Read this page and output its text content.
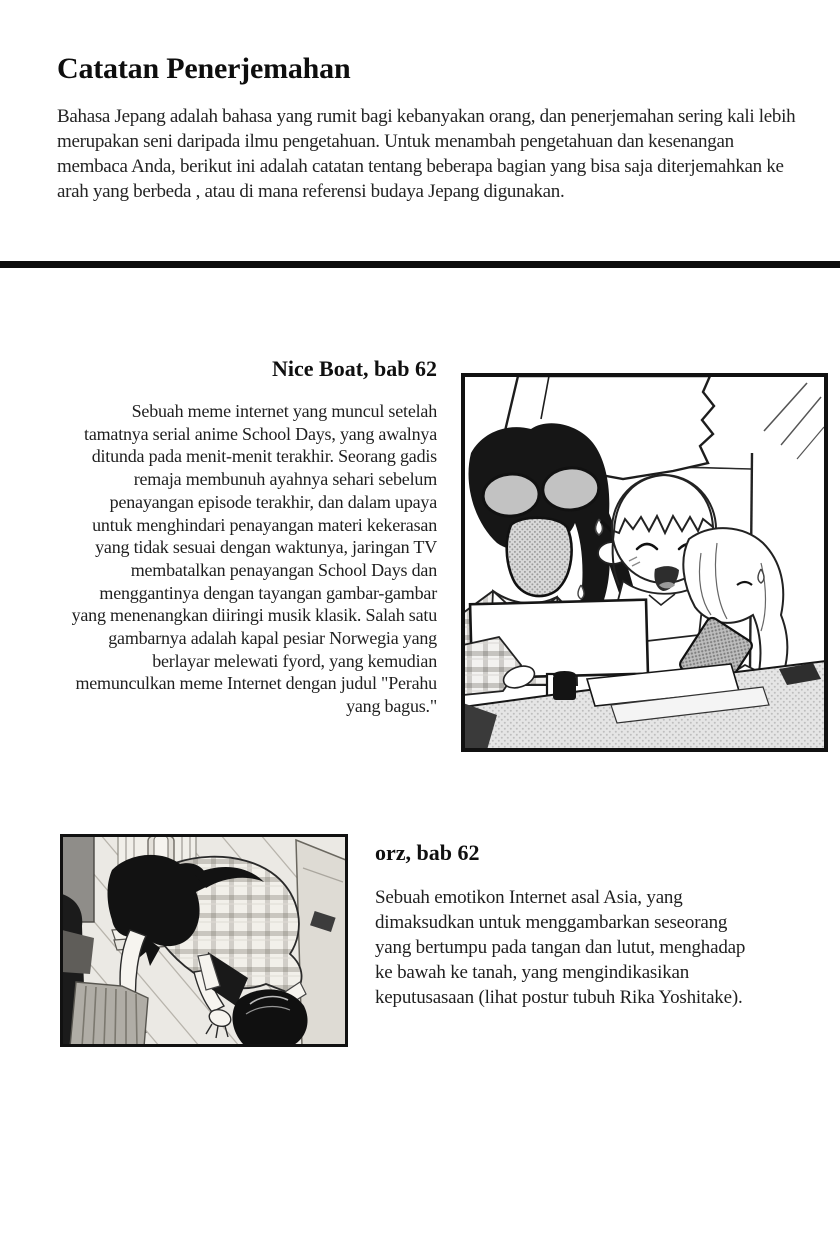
Catatan Penerjemahan

Bahasa Jepang adalah bahasa yang rumit bagi kebanyakan orang, dan penerjemahan sering kali lebih merupakan seni daripada ilmu pengetahuan. Untuk menambah pengetahuan dan kesenangan membaca Anda, berikut ini adalah catatan tentang beberapa bagian yang bisa saja diterjemahkan ke arah yang berbeda , atau di mana referensi budaya Jepang digunakan.

Nice Boat, bab 62

Sebuah meme internet yang muncul setelah tamatnya serial anime School Days, yang awalnya ditunda pada menit-menit terakhir. Seorang gadis remaja membunuh ayahnya sehari sebelum penayangan episode terakhir, dan dalam upaya untuk menghindari penayangan materi kekerasan yang tidak sesuai dengan waktunya, jaringan TV membatalkan penayangan School Days dan menggantinya dengan tayangan gambar-gambar yang menenangkan diiringi musik klasik. Salah satu gambarnya adalah kapal pesiar Norwegia yang berlayar melewati fyord, yang kemudian memunculkan meme Internet dengan judul "Perahu yang bagus."

orz, bab 62

Sebuah emotikon Internet asal Asia, yang dimaksudkan untuk menggambarkan seseorang yang bertumpu pada tangan dan lutut, menghadap ke bawah ke tanah, yang mengindikasikan keputusasaan (lihat postur tubuh Rika Yoshitake).
